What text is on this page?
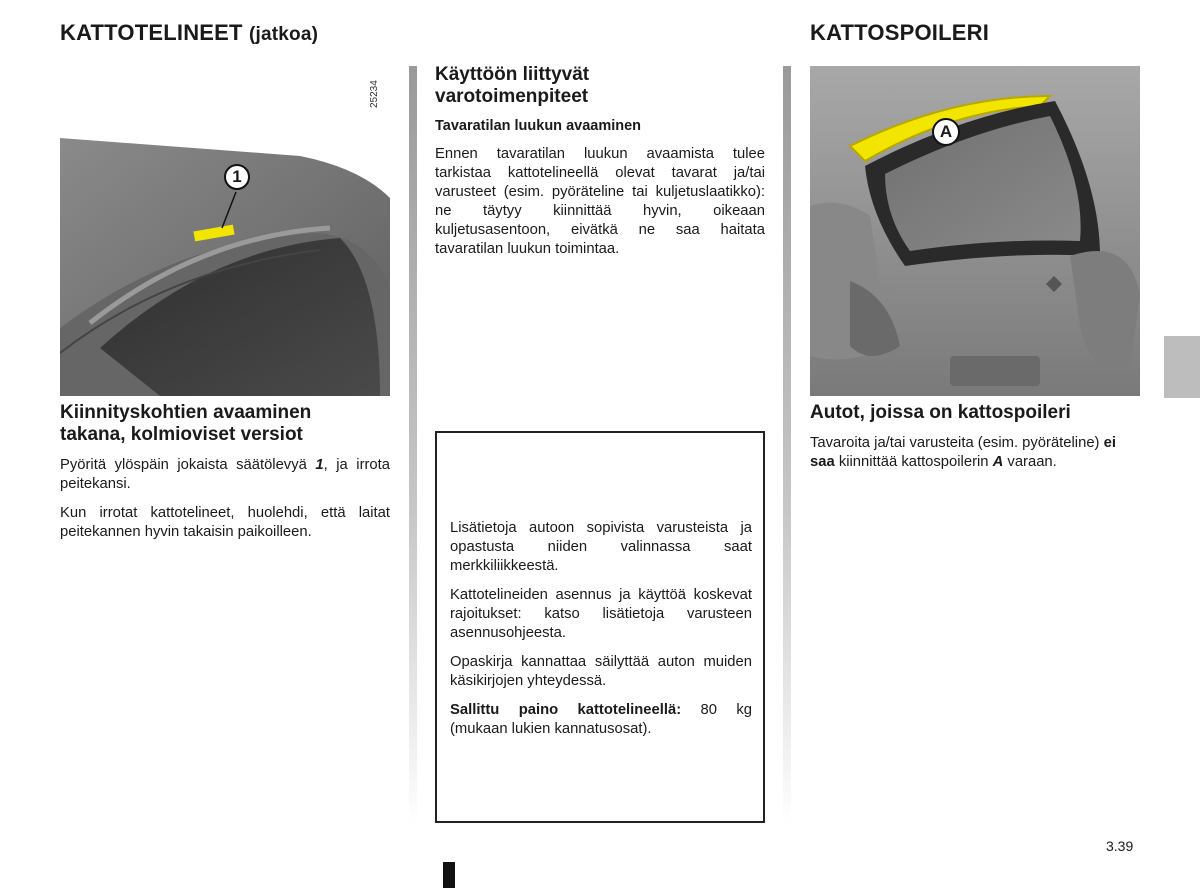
KATTOTELINEET (jatkoa)
25234
1
Kiinnityskohtien avaaminen takana, kolmioviset versiot

Pyöritä ylöspäin jokaista säätölevyä 1, ja irrota peitekansi.

Kun irrotat kattotelineet, huolehdi, että laitat peitekannen hyvin takaisin paikoilleen.

Käyttöön liittyvät varotoimenpiteet
Tavaratilan luukun avaaminen

Ennen tavaratilan luukun avaamista tulee tarkistaa kattotelineellä olevat tavarat ja/tai varusteet (esim. pyöräteline tai kuljetuslaatikko): ne täytyy kiinnittää hyvin, oikeaan kuljetusasentoon, eivätkä ne saa haitata tavaratilan luukun toimintaa.

Lisätietoja autoon sopivista varusteista ja opastusta niiden valinnassa saat merkkiliikkeestä.

Kattotelineiden asennus ja käyttöä koskevat rajoitukset: katso lisätietoja varusteen asennusohjeesta.

Opaskirja kannattaa säilyttää auton muiden käsikirjojen yhteydessä.

Sallittu paino kattotelineellä: 80 kg (mukaan lukien kannatusosat).

KATTOSPOILERI
A
Autot, joissa on kattospoileri

Tavaroita ja/tai varusteita (esim. pyöräteline) ei saa kiinnittää kattospoilerin A varaan.

3.39
